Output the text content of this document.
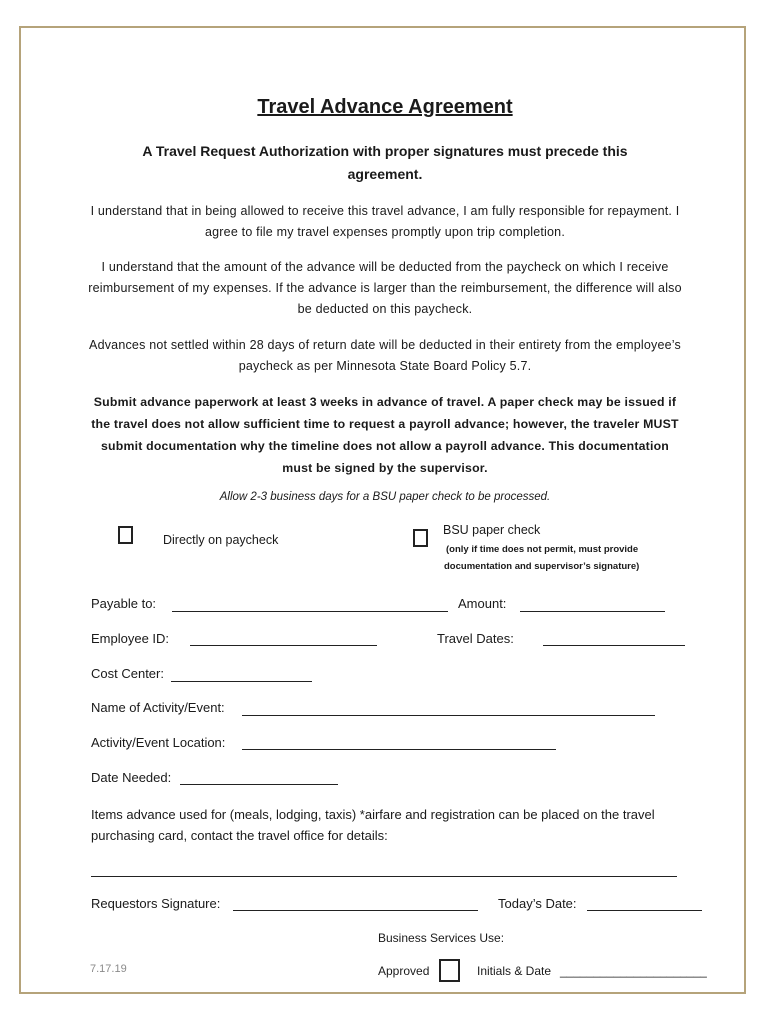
Travel Advance Agreement
A Travel Request Authorization with proper signatures must precede this agreement.
I understand that in being allowed to receive this travel advance, I am fully responsible for repayment. I agree to file my travel expenses promptly upon trip completion.
I understand that the amount of the advance will be deducted from the paycheck on which I receive reimbursement of my expenses. If the advance is larger than the reimbursement, the difference will also be deducted on this paycheck.
Advances not settled within 28 days of return date will be deducted in their entirety from the employee’s paycheck as per Minnesota State Board Policy 5.7.
Submit advance paperwork at least 3 weeks in advance of travel. A paper check may be issued if the travel does not allow sufficient time to request a payroll advance; however, the traveler MUST submit documentation why the timeline does not allow a payroll advance. This documentation must be signed by the supervisor.
Allow 2-3 business days for a BSU paper check to be processed.
Directly on paycheck
BSU paper check
(only if time does not permit, must provide
documentation and supervisor’s signature)
Payable to:	Amount:
Employee ID:	Travel Dates:
Cost Center:
Name of Activity/Event:
Activity/Event Location:
Date Needed:
Items advance used for (meals, lodging, taxis) *airfare and registration can be placed on the travel purchasing card, contact the travel office for details:
Requestors Signature:	Today’s Date:
Business Services Use:
7.17.19	Approved	Initials & Date ______________________
